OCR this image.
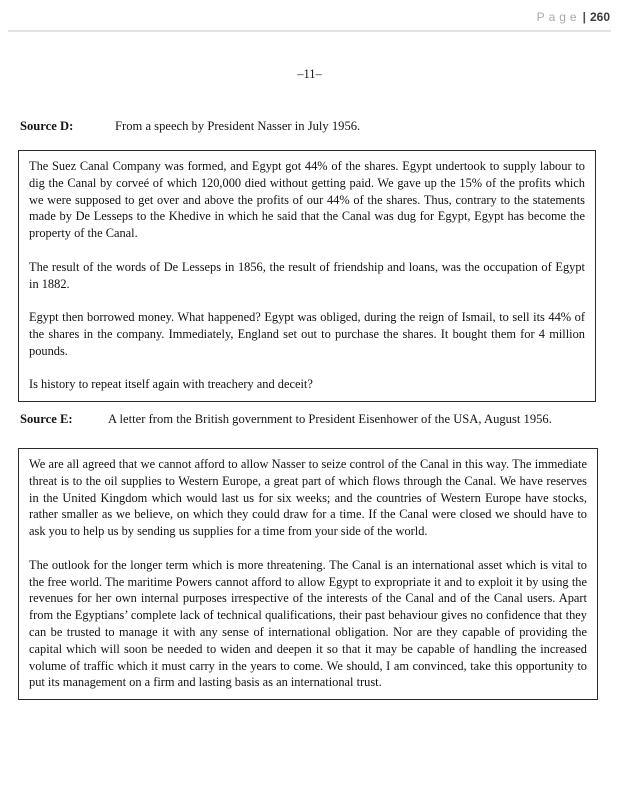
Page | 260
–11–
Source D:	From a speech by President Nasser in July 1956.

The Suez Canal Company was formed, and Egypt got 44% of the shares. Egypt undertook to supply labour to dig the Canal by corveé of which 120,000 died without getting paid. We gave up the 15% of the profits which we were supposed to get over and above the profits of our 44% of the shares. Thus, contrary to the statements made by De Lesseps to the Khedive in which he said that the Canal was dug for Egypt, Egypt has become the property of the Canal.

The result of the words of De Lesseps in 1856, the result of friendship and loans, was the occupation of Egypt in 1882.

Egypt then borrowed money. What happened? Egypt was obliged, during the reign of Ismail, to sell its 44% of the shares in the company. Immediately, England set out to purchase the shares. It bought them for 4 million pounds.

Is history to repeat itself again with treachery and deceit?

Source E:	A letter from the British government to President Eisenhower of the USA, August 1956.

We are all agreed that we cannot afford to allow Nasser to seize control of the Canal in this way. The immediate threat is to the oil supplies to Western Europe, a great part of which flows through the Canal. We have reserves in the United Kingdom which would last us for six weeks; and the countries of Western Europe have stocks, rather smaller as we believe, on which they could draw for a time. If the Canal were closed we should have to ask you to help us by sending us supplies for a time from your side of the world.

The outlook for the longer term which is more threatening. The Canal is an international asset which is vital to the free world. The maritime Powers cannot afford to allow Egypt to expropriate it and to exploit it by using the revenues for her own internal purposes irrespective of the interests of the Canal and of the Canal users. Apart from the Egyptians’ complete lack of technical qualifications, their past behaviour gives no confidence that they can be trusted to manage it with any sense of international obligation. Nor are they capable of providing the capital which will soon be needed to widen and deepen it so that it may be capable of handling the increased volume of traffic which it must carry in the years to come. We should, I am convinced, take this opportunity to put its management on a firm and lasting basis as an international trust.
